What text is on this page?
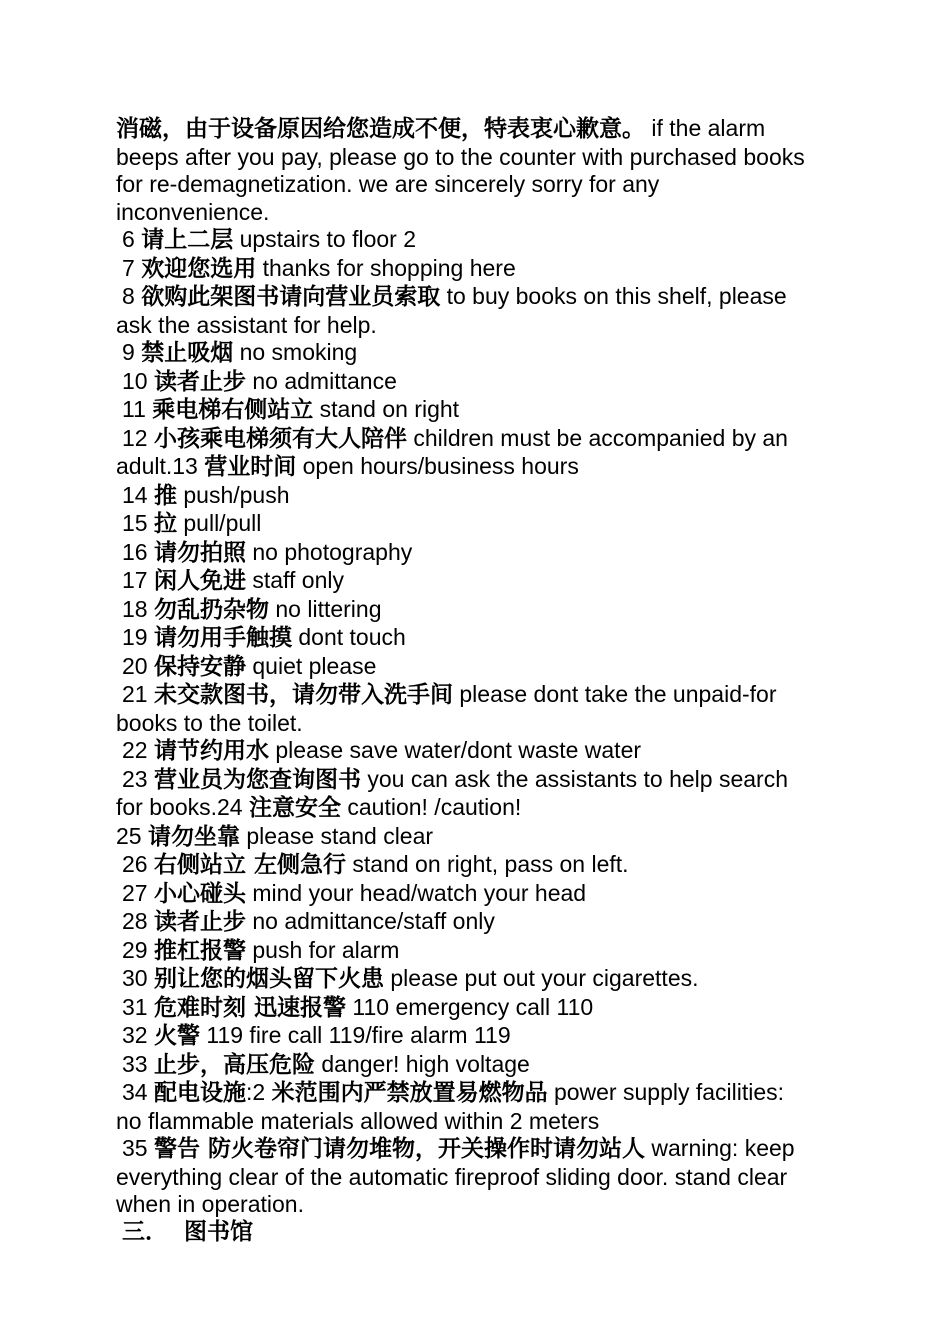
消磁，由于设备原因给您造成不便，特表衷心歉意。 if the alarm
beeps after you pay, please go to the counter with purchased books
for re-demagnetization. we are sincerely sorry for any
inconvenience.
6 请上二层 upstairs to floor 2
7 欢迎您选用 thanks for shopping here
8 欲购此架图书请向营业员索取 to buy books on this shelf, please
ask the assistant for help.
9 禁止吸烟 no smoking
10 读者止步 no admittance
11 乘电梯右侧站立 stand on right
12 小孩乘电梯须有大人陪伴 children must be accompanied by an
adult.13 营业时间 open hours/business hours
14 推 push/push
15 拉 pull/pull
16 请勿拍照 no photography
17 闲人免进 staff only
18 勿乱扔杂物 no littering
19 请勿用手触摸 dont touch
20 保持安静 quiet please
21 未交款图书，请勿带入洗手间 please dont take the unpaid-for
books to the toilet.
22 请节约用水 please save water/dont waste water
23 营业员为您查询图书 you can ask the assistants to help search
for books.24 注意安全 caution! /caution!
25 请勿坐靠 please stand clear
26 右侧站立 左侧急行 stand on right, pass on left.
27 小心碰头 mind your head/watch your head
28 读者止步 no admittance/staff only
29 推杠报警 push for alarm
30 别让您的烟头留下火患 please put out your cigarettes.
31 危难时刻 迅速报警 110 emergency call 110
32 火警 119 fire call 119/fire alarm 119
33 止步，高压危险 danger! high voltage
34 配电设施:2 米范围内严禁放置易燃物品 power supply facilities:
no flammable materials allowed within 2 meters
35 警告 防火卷帘门请勿堆物，开关操作时请勿站人 warning: keep
everything clear of the automatic fireproof sliding door. stand clear
when in operation.
三．  图书馆
